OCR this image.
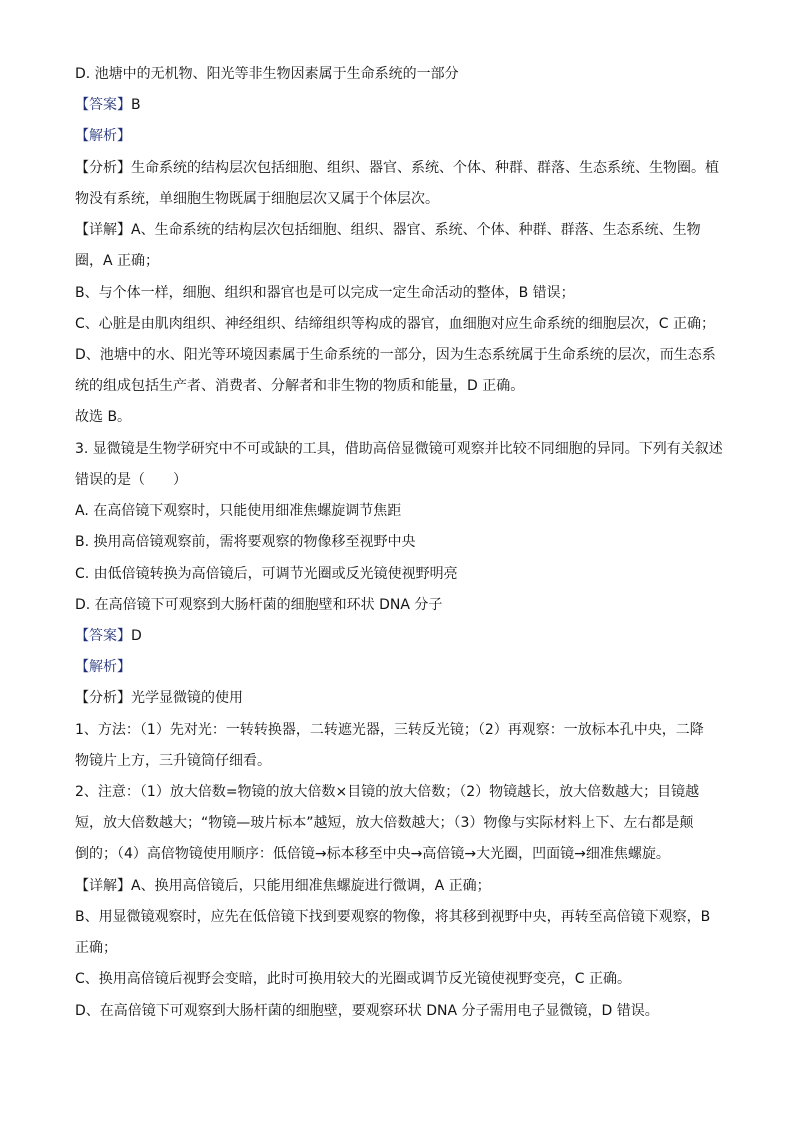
D. 池塘中的无机物、阳光等非生物因素属于生命系统的一部分
【答案】B
【解析】
【分析】生命系统的结构层次包括细胞、组织、器官、系统、个体、种群、群落、生态系统、生物圈。植
物没有系统，单细胞生物既属于细胞层次又属于个体层次。
【详解】A、生命系统的结构层次包括细胞、组织、器官、系统、个体、种群、群落、生态系统、生物
圈，A 正确；
B、与个体一样，细胞、组织和器官也是可以完成一定生命活动的整体，B 错误；
C、心脏是由肌肉组织、神经组织、结缔组织等构成的器官，血细胞对应生命系统的细胞层次，C 正确；
D、池塘中的水、阳光等环境因素属于生命系统的一部分，因为生态系统属于生命系统的层次，而生态系
统的组成包括生产者、消费者、分解者和非生物的物质和能量，D 正确。
故选 B。
3. 显微镜是生物学研究中不可或缺的工具，借助高倍显微镜可观察并比较不同细胞的异同。下列有关叙述
错误的是（　　）
A. 在高倍镜下观察时，只能使用细准焦螺旋调节焦距
B. 换用高倍镜观察前，需将要观察的物像移至视野中央
C. 由低倍镜转换为高倍镜后，可调节光圈或反光镜使视野明亮
D. 在高倍镜下可观察到大肠杆菌的细胞壁和环状 DNA 分子
【答案】D
【解析】
【分析】光学显微镜的使用
1、方法：（1）先对光：一转转换器，二转遮光器，三转反光镜；（2）再观察：一放标本孔中央，二降
物镜片上方，三升镜筒仔细看。
2、注意：（1）放大倍数=物镜的放大倍数×目镜的放大倍数；（2）物镜越长，放大倍数越大；目镜越
短，放大倍数越大；“物镜—玻片标本”越短，放大倍数越大；（3）物像与实际材料上下、左右都是颠
倒的；（4）高倍物镜使用顺序：低倍镜→标本移至中央→高倍镜→大光圈，凹面镜→细准焦螺旋。
【详解】A、换用高倍镜后，只能用细准焦螺旋进行微调，A 正确；
B、用显微镜观察时，应先在低倍镜下找到要观察的物像，将其移到视野中央，再转至高倍镜下观察，B
正确；
C、换用高倍镜后视野会变暗，此时可换用较大的光圈或调节反光镜使视野变亮，C 正确。
D、在高倍镜下可观察到大肠杆菌的细胞壁，要观察环状 DNA 分子需用电子显微镜，D 错误。
